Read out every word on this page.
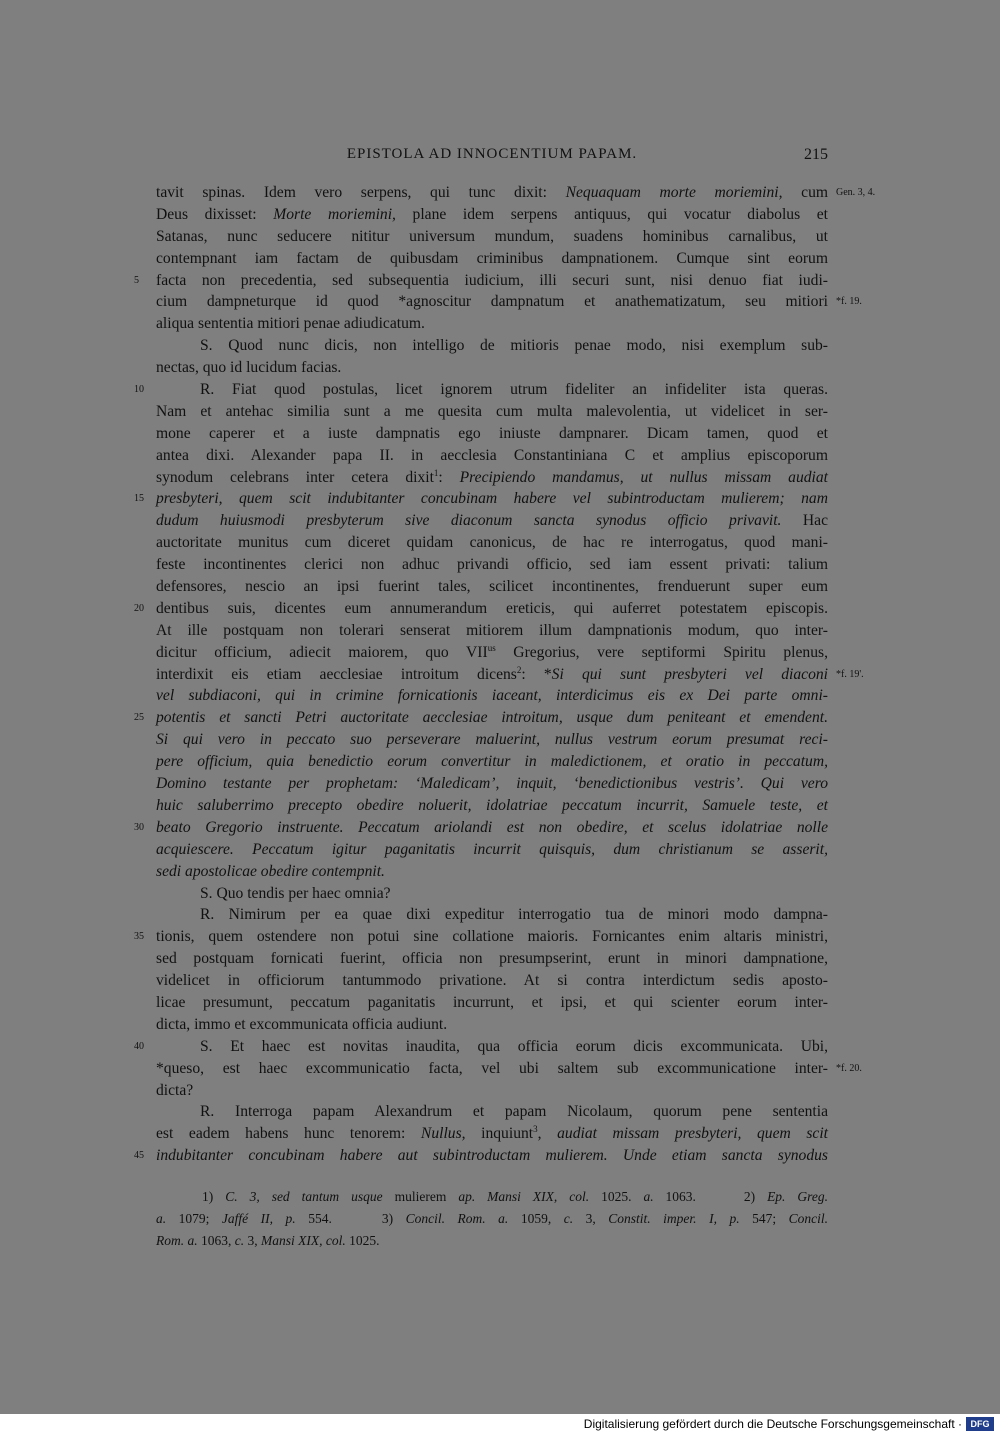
EPISTOLA AD INNOCENTIUM PAPAM.	215
tavit spinas. Idem vero serpens, qui tunc dixit: Nequaquam morte moriemini, cum Gen. 3, 4.
Deus dixisset: Morte moriemini, plane idem serpens antiquus, qui vocatur diabolus et
Satanas, nunc seducere nititur universum mundum, suadens hominibus carnalibus, ut
contempnant iam factam de quibusdam criminibus dampnationem. Cumque sint eorum
facta non precedentia, sed subsequentia iudicium, illi securi sunt, nisi denuo fiat iudi-
5
cium dampneturque id quod *agnoscitur dampnatum et anathematizatum, seu mitiori *f. 19.
aliqua sententia mitiori penae adiudicatum.
S. Quod nunc dicis, non intelligo de mitioris penae modo, nisi exemplum sub-
nectas, quo id lucidum facias.
R. Fiat quod postulas, licet ignorem utrum fideliter an infideliter ista queras.
10
Nam et antehac similia sunt a me quesita cum multa malevolentia, ut videlicet in ser-
mone caperer et a iuste dampnatis ego iniuste dampnarer. Dicam tamen, quod et
antea dixi. Alexander papa II. in aecclesia Constantiniana C et amplius episcoporum
synodum celebrans inter cetera dixit$^1$: Precipiendo mandamus, ut nullus missam audiat
presbyteri, quem scit indubitanter concubinam habere vel subintroductam mulierem; nam
15
dudum huiusmodi presbyterum sive diaconum sancta synodus officio privavit. Hac
auctoritate munitus cum diceret quidam canonicus, de hac re interrogatus, quod mani-
feste incontinentes clerici non adhuc privandi officio, sed iam essent privati: talium
defensores, nescio an ipsi fuerint tales, scilicet incontinentes, frenduerunt super eum
dentibus suis, dicentes eum annumerandum ereticis, qui auferret potestatem episcopis.
20
At ille postquam non tolerari senserat mitiorem illum dampnationis modum, quo inter-
dicitur officium, adiecit maiorem, quo $VII^{us}$ Gregorius, vere septiformi Spiritu plenus,
interdixit eis etiam aecclesiae introitum dicens$^2$: *Si qui sunt presbyteri vel diaconi *f. 19'.
vel subdiaconi, qui in crimine fornicationis iaceant, interdicimus eis ex Dei parte omni-
potentis et sancti Petri auctoritate aecclesiae introitum, usque dum peniteant et emendent.
25
Si qui vero in peccato suo perseverare maluerint, nullus vestrum eorum presumat reci-
pere officium, quia benedictio eorum convertitur in maledictionem, et oratio in peccatum,
Domino testante per prophetam: ‘Maledicam’, inquit, ‘benedictionibus vestris’. Qui vero
huic saluberrimo precepto obedire noluerit, idolatriae peccatum incurrit, Samuele teste, et
beato Gregorio instruente. Peccatum ariolandi est non obedire, et scelus idolatriae nolle
30
acquiescere. Peccatum igitur paganitatis incurrit quisquis, dum christianum se asserit,
sedi apostolicae obedire contempnit.
S. Quo tendis per haec omnia?
R. Nimirum per ea quae dixi expeditur interrogatio tua de minori modo dampna-
tionis, quem ostendere non potui sine collatione maioris. Fornicantes enim altaris ministri,
35
sed postquam fornicati fuerint, officia non presumpserint, erunt in minori dampnatione,
videlicet in officiorum tantummodo privatione. At si contra interdictum sedis aposto-
licae presumunt, peccatum paganitatis incurrunt, et ipsi, et qui scienter eorum inter-
dicta, immo et excommunicata officia audiunt.
S. Et haec est novitas inaudita, qua officia eorum dicis excommunicata. Ubi,
40
*queso, est haec excommunicatio facta, vel ubi saltem sub excommunicatione inter- *f. 20.
dicta?
R. Interroga papam Alexandrum et papam Nicolaum, quorum pene sententia
est eadem habens hunc tenorem: Nullus, inquiunt$^3$, audiat missam presbyteri, quem scit
indubitanter concubinam habere aut subintroductam mulierem. Unde etiam sancta synodus
45
1) C. 3, sed tantum usque mulierem ap. Mansi XIX, col. 1025. a. 1063.    2) Ep. Greg.
a. 1079; Jaffé II, p. 554.    3) Concil. Rom. a. 1059, c. 3, Constit. imper. I, p. 547; Concil.
Rom. a. 1063, c. 3, Mansi XIX, col. 1025.
Digitalisierung gefördert durch die Deutsche Forschungsgemeinschaft · DFG
